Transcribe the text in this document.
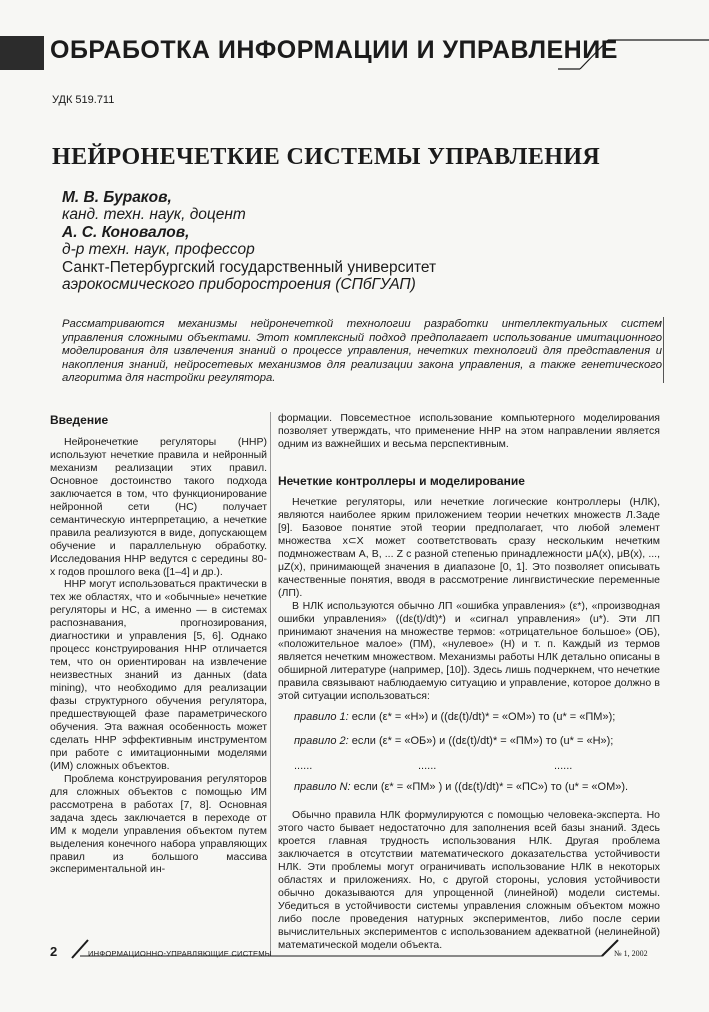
ОБРАБОТКА ИНФОРМАЦИИ И УПРАВЛЕНИЕ
УДК 519.711
НЕЙРОНЕЧЕТКИЕ СИСТЕМЫ УПРАВЛЕНИЯ
М. В. Бураков,
канд. техн. наук, доцент
А. С. Коновалов,
д-р техн. наук, профессор
Санкт-Петербургский государственный университет
аэрокосмического приборостроения (СПбГУАП)
Рассматриваются механизмы нейронечеткой технологии разработки интеллектуальных систем управления сложными объектами. Этот комплексный подход предполагает использование имитационного моделирования для извлечения знаний о процессе управления, нечетких технологий для представления и накопления знаний, нейросетевых механизмов для реализации закона управления, а также генетического алгоритма для настройки регулятора.
Введение

Нейронечеткие регуляторы (ННР) используют нечеткие правила и нейронный механизм реализации этих правил. Основное достоинство такого подхода заключается в том, что функционирование нейронной сети (НС) получает семантическую интерпретацию, а нечеткие правила реализуются в виде, допускающем обучение и параллельную обработку. Исследования ННР ведутся с середины 80-х годов прошлого века ([1–4] и др.).

ННР могут использоваться практически в тех же областях, что и «обычные» нечеткие регуляторы и НС, а именно — в системах распознавания, прогнозирования, диагностики и управления [5, 6]. Однако процесс конструирования ННР отличается тем, что он ориентирован на извлечение неизвестных знаний из данных (data mining), что необходимо для реализации фазы структурного обучения регулятора, предшествующей фазе параметрического обучения. Эта важная особенность может сделать ННР эффективным инструментом при работе с имитационными моделями (ИМ) сложных объектов.

Проблема конструирования регуляторов для сложных объектов с помощью ИМ рассмотрена в работах [7, 8]. Основная задача здесь заключается в переходе от ИМ к модели управления объектом путем выделения конечного набора управляющих правил из большого массива экспериментальной ин-

формации. Повсеместное использование компьютерного моделирования позволяет утверждать, что применение ННР на этом направлении является одним из важнейших и весьма перспективным.

Нечеткие контроллеры и моделирование

Нечеткие регуляторы, или нечеткие логические контроллеры (НЛК), являются наиболее ярким приложением теории нечетких множеств Л.Заде [9]. Базовое понятие этой теории предполагает, что любой элемент множества x⊂X может соответствовать сразу нескольким нечетким подмножествам A, B, ... Z с разной степенью принадлежности μA(x), μB(x), ..., μZ(x), принимающей значения в диапазоне [0, 1]. Это позволяет описывать качественные понятия, вводя в рассмотрение лингвистические переменные (ЛП).

В НЛК используются обычно ЛП «ошибка управления» (ε*), «производная ошибки управления» ((dε(t)/dt)*) и «сигнал управления» (u*). Эти ЛП принимают значения на множестве термов: «отрицательное большое» (ОБ), «положительное малое» (ПМ), «нулевое» (Н) и т. п. Каждый из термов является нечетким множеством. Механизмы работы НЛК детально описаны в обширной литературе (например, [10]). Здесь лишь подчеркнем, что нечеткие правила связывают наблюдаемую ситуацию и управление, которое должно в этой ситуации использоваться:

правило 1: если (ε* = «Н») и ((dε(t)/dt)* = «ОМ») то (u* = «ПМ»);
правило 2: если (ε* = «ОБ») и ((dε(t)/dt)* = «ПМ») то (u* = «Н»);
......	......	......
правило N: если (ε* = «ПМ» ) и ((dε(t)/dt)* = «ПС») то (u* = «ОМ»).

Обычно правила НЛК формулируются с помощью человека-эксперта. Но этого часто бывает недостаточно для заполнения всей базы знаний. Здесь кроется главная трудность использования НЛК. Другая проблема заключается в отсутствии математического доказательства устойчивости НЛК. Эти проблемы могут ограничивать использование НЛК в некоторых областях и приложениях. Но, с другой стороны, условия устойчивости обычно доказываются для упрощенной (линейной) модели системы. Убедиться в устойчивости системы управления сложным объектом можно либо после проведения натурных экспериментов, либо после серии вычислительных экспериментов с использованием адекватной (нелинейной) математической модели объекта.

2	ИНФОРМАЦИОННО-УПРАВЛЯЮЩИЕ СИСТЕМЫ	№ 1, 2002
